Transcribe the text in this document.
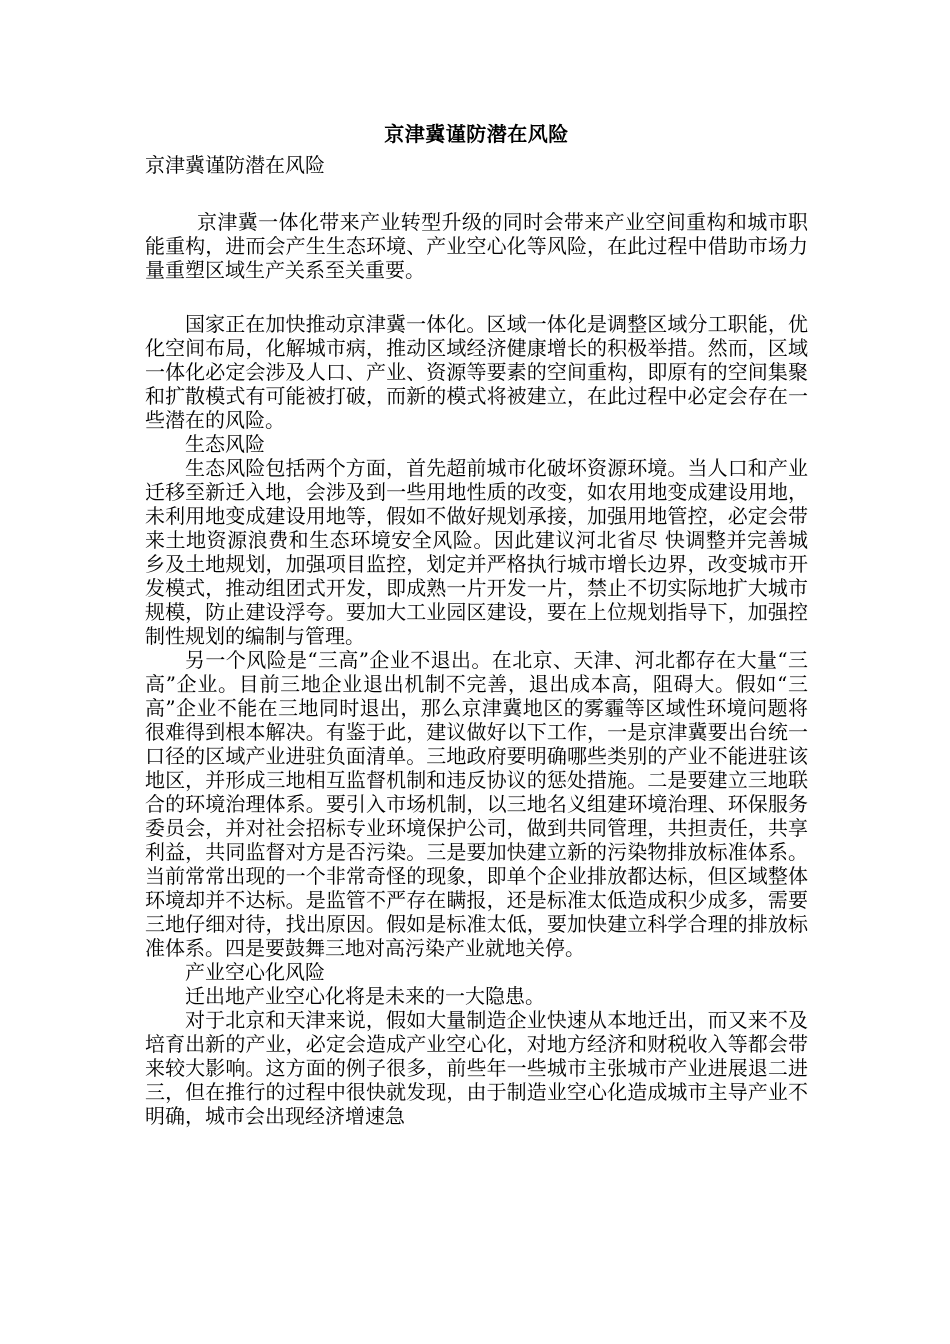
京津冀谨防潜在风险
京津冀谨防潜在风险

京津冀一体化带来产业转型升级的同时会带来产业空间重构和城市职能重构，进而会产生生态环境、产业空心化等风险，在此过程中借助市场力量重塑区域生产关系至关重要。

国家正在加快推动京津冀一体化。区域一体化是调整区域分工职能，优化空间布局，化解城市病，推动区域经济健康增长的积极举措。然而，区域一体化必定会涉及人口、产业、资源等要素的空间重构，即原有的空间集聚和扩散模式有可能被打破，而新的模式将被建立，在此过程中必定会存在一些潜在的风险。

生态风险

生态风险包括两个方面，首先超前城市化破坏资源环境。当人口和产业迁移至新迁入地，会涉及到一些用地性质的改变，如农用地变成建设用地，未利用地变成建设用地等，假如不做好规划承接，加强用地管控，必定会带来土地资源浪费和生态环境安全风险。因此建议河北省尽 快调整并完善城乡及土地规划，加强项目监控，划定并严格执行城市增长边界，改变城市开发模式，推动组团式开发，即成熟一片开发一片，禁止不切实际地扩大城市规模，防止建设浮夸。要加大工业园区建设，要在上位规划指导下，加强控制性规划的编制与管理。

另一个风险是“三高”企业不退出。在北京、天津、河北都存在大量“三高”企业。目前三地企业退出机制不完善，退出成本高，阻碍大。假如“三高”企业不能在三地同时退出，那么京津冀地区的雾霾等区域性环境问题将很难得到根本解决。有鉴于此，建议做好以下工作，一是京津冀要出台统一口径的区域产业进驻负面清单。三地政府要明确哪些类别的产业不能进驻该地区，并形成三地相互监督机制和违反协议的惩处措施。二是要建立三地联合的环境治理体系。要引入市场机制，以三地名义组建环境治理、环保服务委员会，并对社会招标专业环境保护公司，做到共同管理，共担责任，共享利益，共同监督对方是否污染。三是要加快建立新的污染物排放标准体系。当前常常出现的一个非常奇怪的现象，即单个企业排放都达标，但区域整体环境却并不达标。是监管不严存在瞒报，还是标准太低造成积少成多，需要三地仔细对待，找出原因。假如是标准太低，要加快建立科学合理的排放标准体系。四是要鼓舞三地对高污染产业就地关停。

产业空心化风险

迁出地产业空心化将是未来的一大隐患。

对于北京和天津来说，假如大量制造企业快速从本地迁出，而又来不及培育出新的产业，必定会造成产业空心化，对地方经济和财税收入等都会带来较大影响。这方面的例子很多，前些年一些城市主张城市产业进展退二进三，但在推行的过程中很快就发现，由于制造业空心化造成城市主导产业不明确，城市会出现经济增速急
